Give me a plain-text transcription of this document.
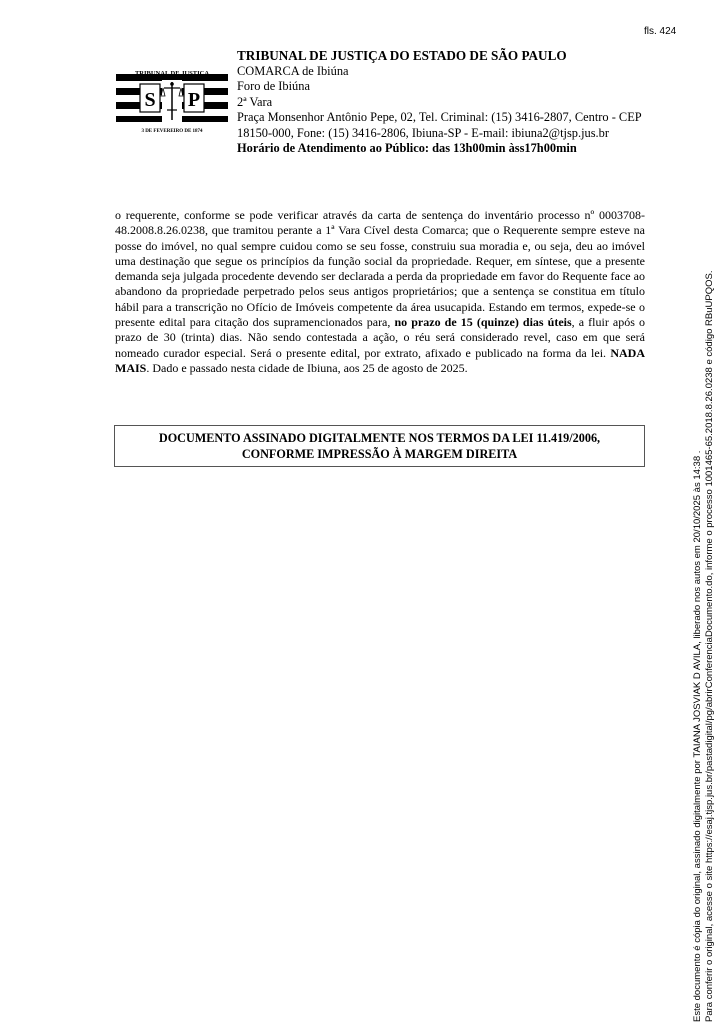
fls. 424
TRIBUNAL DE JUSTIÇA
S P
3 DE FEVEREIRO DE 1874
TRIBUNAL DE JUSTIÇA DO ESTADO DE SÃO PAULO
COMARCA de Ibiúna
Foro de Ibiúna
2ª Vara
Praça Monsenhor Antônio Pepe, 02, Tel. Criminal: (15) 3416-2807, Centro - CEP 18150-000, Fone: (15) 3416-2806, Ibiuna-SP - E-mail: ibiuna2@tjsp.jus.br
Horário de Atendimento ao Público: das 13h00min àss17h00min
o requerente, conforme se pode verificar através da carta de sentença do inventário processo nº 0003708-48.2008.8.26.0238, que tramitou perante a 1ª Vara Cível desta Comarca; que o Requerente sempre esteve na posse do imóvel, no qual sempre cuidou como se seu fosse, construiu sua moradia e, ou seja, deu ao imóvel uma destinação que segue os princípios da função social da propriedade. Requer, em síntese, que a presente demanda seja julgada procedente devendo ser declarada a perda da propriedade em favor do Requente face ao abandono da propriedade perpetrado pelos seus antigos proprietários; que a sentença se constitua em título hábil para a transcrição no Ofício de Imóveis competente da área usucapida. Estando em termos, expede-se o presente edital para citação dos supramencionados para, no prazo de 15 (quinze) dias úteis, a fluir após o prazo de 30 (trinta) dias. Não sendo contestada a ação, o réu será considerado revel, caso em que será nomeado curador especial. Será o presente edital, por extrato, afixado e publicado na forma da lei. NADA MAIS. Dado e passado nesta cidade de Ibiuna, aos 25 de agosto de 2025.
DOCUMENTO ASSINADO DIGITALMENTE NOS TERMOS DA LEI 11.419/2006,
CONFORME IMPRESSÃO À MARGEM DIREITA	Este documento é cópia do original, assinado digitalmente por TAIANA JOSVIAK D AVILA, liberado nos autos em 20/10/2025 às 14:38 . Para conferir o original, acesse o site https://esaj.tjsp.jus.br/pastadigital/pg/abrirConferenciaDocumento.do, informe o processo 1001465-65.2018.8.26.0238 e código RBuUPQOS.
